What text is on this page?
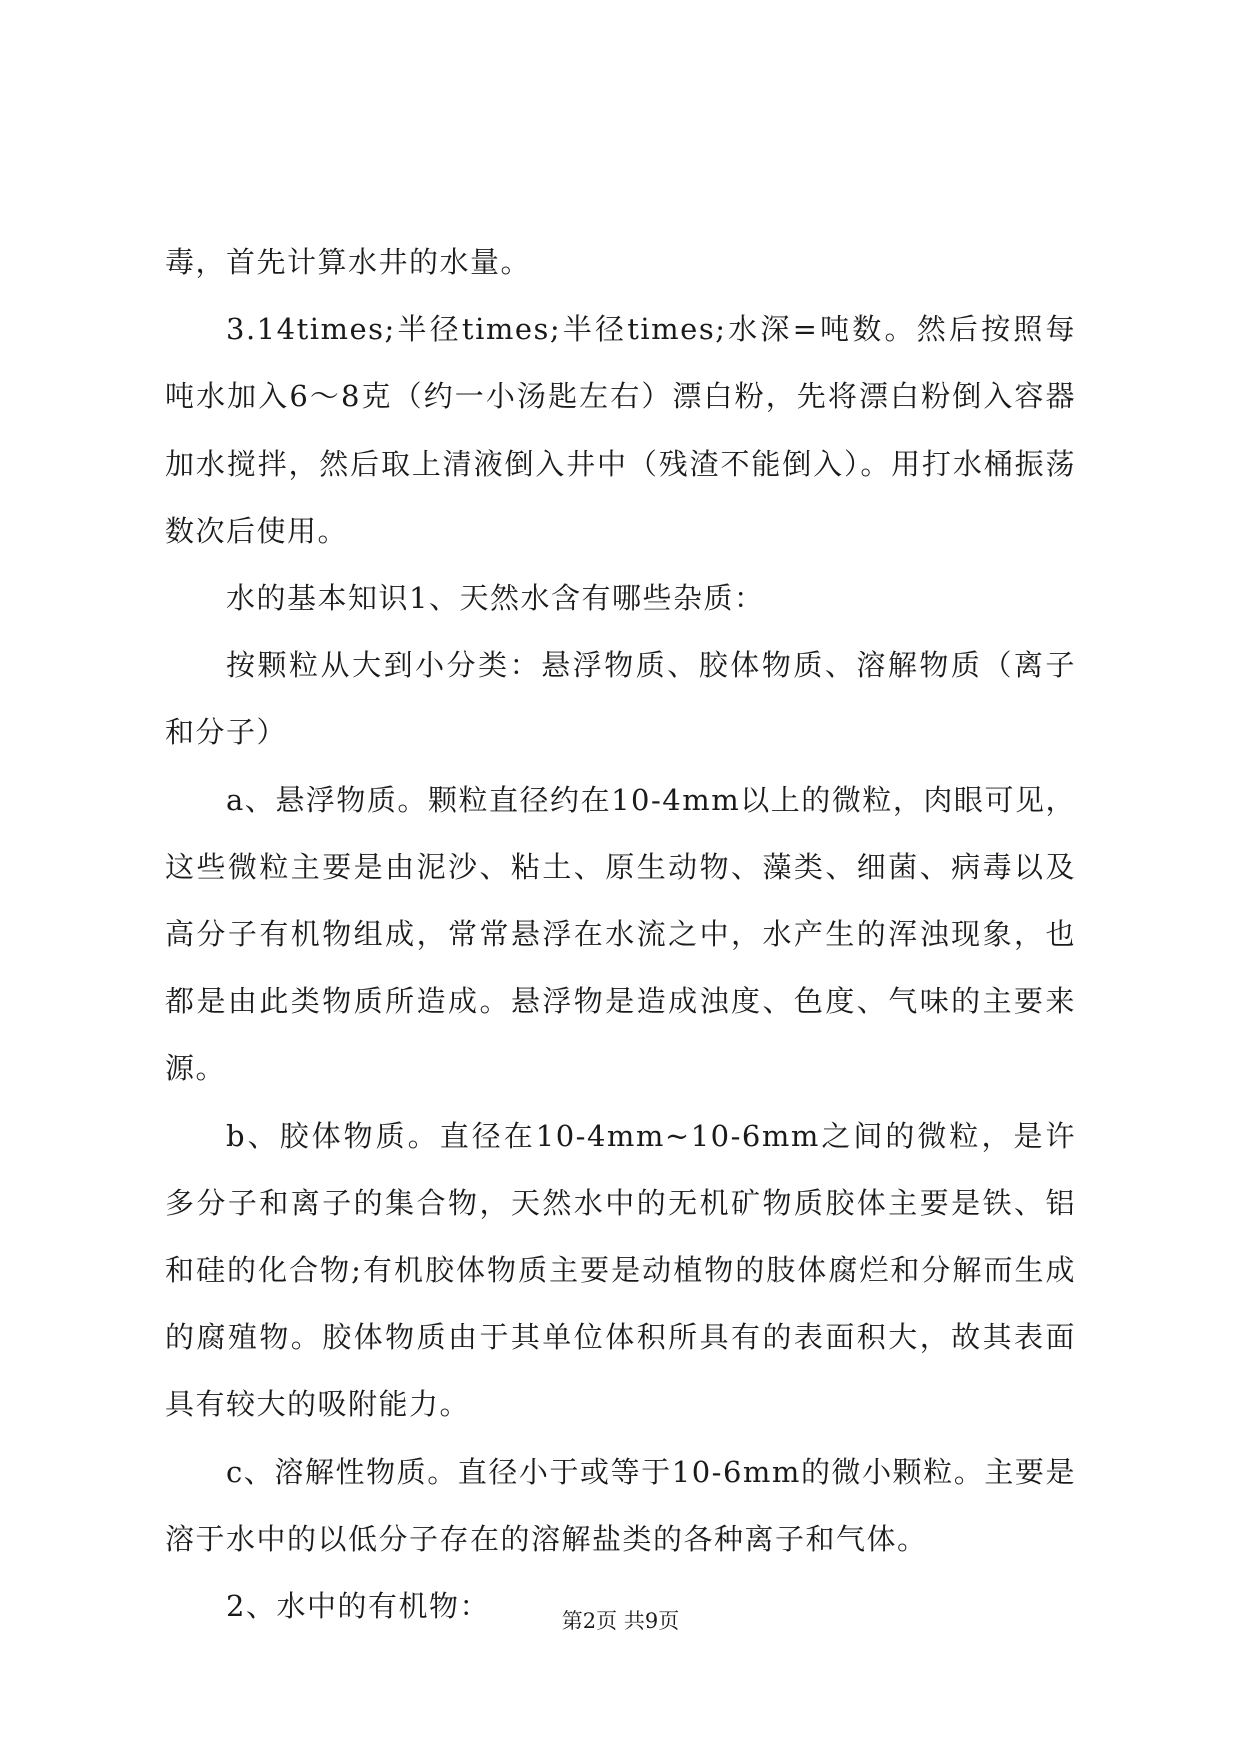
毒，首先计算水井的水量。

3.14times;半径times;半径times;水深=吨数。然后按照每吨水加入6～8克（约一小汤匙左右）漂白粉，先将漂白粉倒入容器加水搅拌，然后取上清液倒入井中（残渣不能倒入）。用打水桶振荡数次后使用。

水的基本知识1、天然水含有哪些杂质：

按颗粒从大到小分类：悬浮物质、胶体物质、溶解物质（离子和分子）

a、悬浮物质。颗粒直径约在10-4mm以上的微粒，肉眼可见，这些微粒主要是由泥沙、粘土、原生动物、藻类、细菌、病毒以及高分子有机物组成，常常悬浮在水流之中，水产生的浑浊现象，也都是由此类物质所造成。悬浮物是造成浊度、色度、气味的主要来源。

b、胶体物质。直径在10-4mm~10-6mm之间的微粒，是许多分子和离子的集合物，天然水中的无机矿物质胶体主要是铁、铝和硅的化合物;有机胶体物质主要是动植物的肢体腐烂和分解而生成的腐殖物。胶体物质由于其单位体积所具有的表面积大，故其表面具有较大的吸附能力。

c、溶解性物质。直径小于或等于10-6mm的微小颗粒。主要是溶于水中的以低分子存在的溶解盐类的各种离子和气体。

2、水中的有机物：	第2页 共9页
